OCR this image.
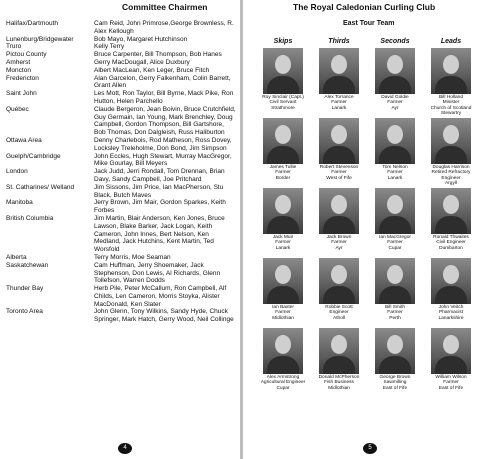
Committee Chairmen
Halifax/Dartmouth	Cam Reid, John Primrose,George Brownless, R. Alex Kellough
Lunenburg/Bridgewater	Bob Mayo, Margaret Hutchinson
Truro	Kelly Terry
Pictou County	Bruce Carpenter, Bill Thompson, Bob Hanes
Amherst	Gerry MacDougall, Alice Duxbury
Moncton	Albert MacLean, Ken Leger, Bruce Fitch
Fredericton	Alan Garcelon, Gerry Falkenham, Colin Barrett, Grant Allen
Saint John	Les Mott, Ron Taylor, Bill Byrne, Mack Pike, Ron Hutton, Helen Parchello
Québec	Claude Bergeron, Jean Boivin, Bruce Crutchfield, Guy Germain, Ian Young, Mark Brenchley, Doug Campbell, Gordon Thompson, Bill Gartshore, Bob Thomas, Don Dalgleish, Russ Haliburton
Ottawa Area	Denny Charlebois, Rod Matheson, Ross Dovey, Locksley Treleholme, Don Bond, Jim Simpson
Guelph/Cambridge	John Eccles, Hugh Stewart, Murray MacGregor, Mike Gourlay, Bill Meyers
London	Jack Judd, Jerri Rondall, Tom Drennan, Brian Davy, Sandy Campbell, Joe Pritchard
St. Catharines/ Welland	Jim Sissons, Jim Price, Ian MacPherson, Stu Black, Butch Maves
Manitoba	Jerry Brown, Jim Mair, Gordon Sparkes, Keith Forbes
British Columbia	Jim Martin, Blair Anderson, Ken Jones, Bruce Lawson, Blake Barker, Jack Logan, Keith Cameron, John Innes, Bert Nelson, Ken Medland, Jack Hutchins, Kent Martin, Ted Worsfold
Alberta	Terry Morris, Moe Seaman
Saskatchewan	Cam Huffman, Jerry Shoemaker, Jack Stephenson, Don Lewis, Al Richards, Glenn Tollefson, Warren Dodds
Thunder Bay	Herb Pile, Peter McCallum, Ron Campbell, Alf Childs, Len Cameron, Morris Stoyka, Alister MacDonald, Ken Slater
Toronto Area	John Glenn, Tony Wilkins, Sandy Hyde, Chuck Springer, Mark Hatch, Gerry Wood, Neil Collinge
4
The Royal Caledonian Curling Club
East Tour Team
Skips	Thirds	Seconds	Leads
Roy Sinclair (Capt.)
Civil Servant
Strathmore
Alex Torrance
Farmer
Lanark
David Goldie
Farmer
Ayr
Bill Holland
Minister
Church of Scotland
Stewartry
James Tullie
Farmer
Border
Robert Stevenson
Farmer
West of Fife
Tom Nelson
Farmer
Lanark
Douglas Harrison
Retired Refractory
Engineer
Argyll
Jack Muir
Farmer
Lanark
Jack Brown
Farmer
Ayr
Ian MacGregor
Farmer
Cupar
Ronald Thwaites
Civil Engineer
Dumbarton
Ian Baxter
Farmer
Midlothian
Robbie Scott
Engineer
Atholl
Bill Smith
Farmer
Perth
John Veitch
Pharmacist
Lanarkshire
Alex Armstrong
Agricultural Engineer
Cupar
Donald McPherson
Fish Business
Midlothian
George Brown
Sawmilling
East of Fife
William Wilson
Farmer
East of Fife
5
